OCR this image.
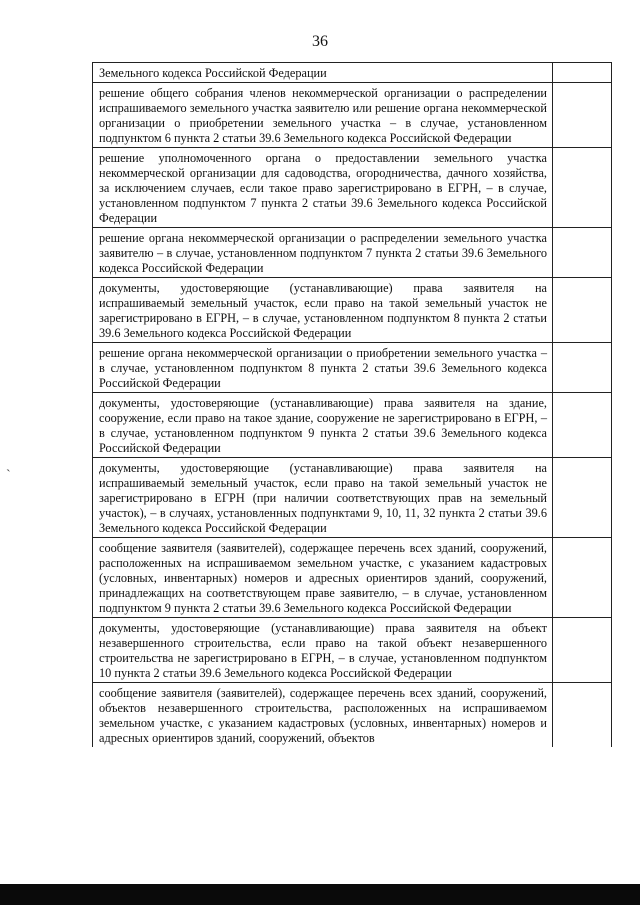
36
`
Земельного кодекса Российской Федерации	
решение общего собрания членов некоммерческой организации о распределении испрашиваемого земельного участка заявителю или решение органа некоммерческой организации о приобретении земельного участка – в случае, установленном подпунктом 6 пункта 2 статьи 39.6 Земельного кодекса Российской Федерации	
решение уполномоченного органа о предоставлении земельного участка некоммерческой организации для садоводства, огородничества, дачного хозяйства, за исключением случаев, если такое право зарегистрировано в ЕГРН, – в случае, установленном подпунктом 7 пункта 2 статьи 39.6 Земельного кодекса Российской Федерации	
решение органа некоммерческой организации о распределении земельного участка заявителю – в случае, установленном подпунктом 7 пункта 2 статьи 39.6 Земельного кодекса Российской Федерации	
документы, удостоверяющие (устанавливающие) права заявителя на испрашиваемый земельный участок, если право на такой земельный участок не зарегистрировано в ЕГРН, – в случае, установленном подпунктом 8 пункта 2 статьи 39.6 Земельного кодекса Российской Федерации	
решение органа некоммерческой организации о приобретении земельного участка – в случае, установленном подпунктом 8 пункта 2 статьи 39.6 Земельного кодекса Российской Федерации	
документы, удостоверяющие (устанавливающие) права заявителя на здание, сооружение, если право на такое здание, сооружение не зарегистрировано в ЕГРН, – в случае, установленном подпунктом 9 пункта 2 статьи 39.6 Земельного кодекса Российской Федерации	
документы, удостоверяющие (устанавливающие) права заявителя на испрашиваемый земельный участок, если право на такой земельный участок не зарегистрировано в ЕГРН (при наличии соответствующих прав на земельный участок), – в случаях, установленных подпунктами 9, 10, 11, 32 пункта 2 статьи 39.6 Земельного кодекса Российской Федерации	
сообщение заявителя (заявителей), содержащее перечень всех зданий, сооружений, расположенных на испрашиваемом земельном участке, с указанием кадастровых (условных, инвентарных) номеров и адресных ориентиров зданий, сооружений, принадлежащих на соответствующем праве заявителю, – в случае, установленном подпунктом 9 пункта 2 статьи 39.6 Земельного кодекса Российской Федерации	
документы, удостоверяющие (устанавливающие) права заявителя на объект незавершенного строительства, если право на такой объект незавершенного строительства не зарегистрировано в ЕГРН, – в случае, установленном подпунктом 10 пункта 2 статьи 39.6 Земельного кодекса Российской Федерации	
сообщение заявителя (заявителей), содержащее перечень всех зданий, сооружений, объектов незавершенного строительства, расположенных на испрашиваемом земельном участке, с указанием кадастровых (условных, инвентарных) номеров и адресных ориентиров зданий, сооружений, объектов	
